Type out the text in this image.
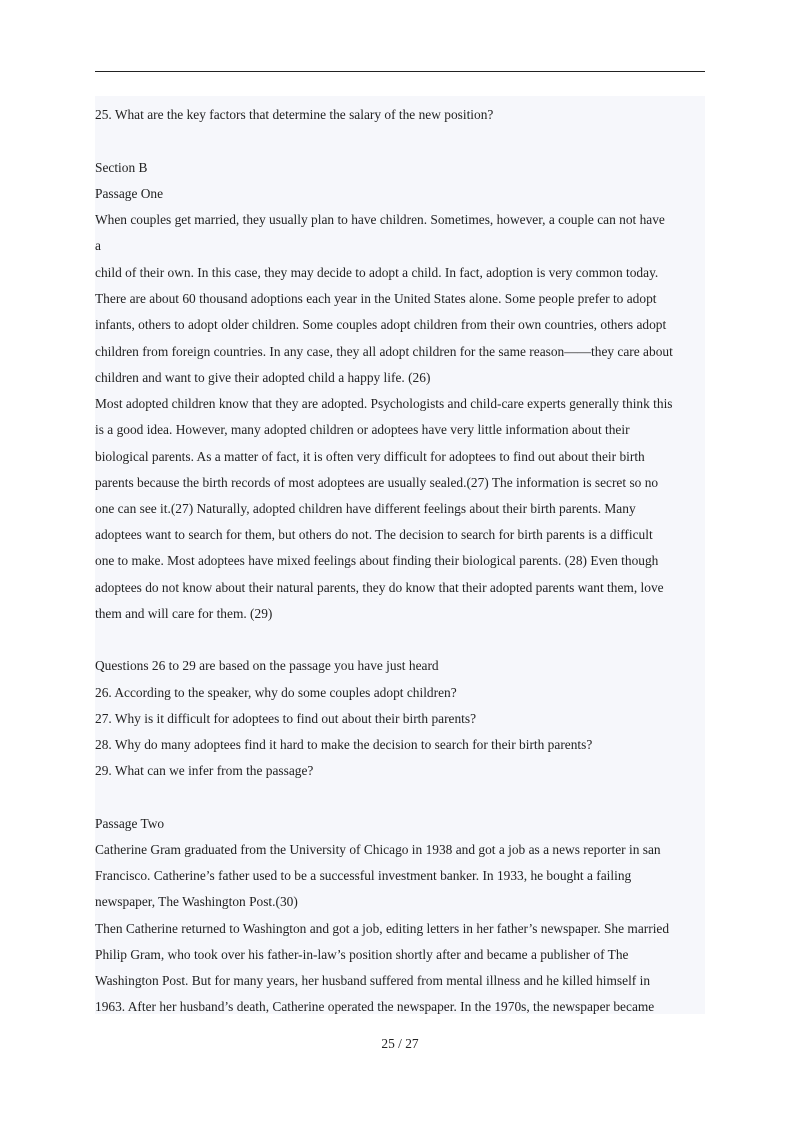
25. What are the key factors that determine the salary of the new position?
Section B
Passage One
When couples get married, they usually plan to have children. Sometimes, however, a couple can not have
a
child of their own. In this case, they may decide to adopt a child. In fact, adoption is very common today.
There are about 60 thousand adoptions each year in the United States alone. Some people prefer to adopt
infants, others to adopt older children. Some couples adopt children from their own countries, others adopt
children from foreign countries. In any case, they all adopt children for the same reason——they care about
children and want to give their adopted child a happy life. (26)
Most adopted children know that they are adopted. Psychologists and child-care experts generally think this
is a good idea. However, many adopted children or adoptees have very little information about their
biological parents. As a matter of fact, it is often very difficult for adoptees to find out about their birth
parents because the birth records of most adoptees are usually sealed.(27) The information is secret so no
one can see it.(27) Naturally, adopted children have different feelings about their birth parents. Many
adoptees want to search for them, but others do not. The decision to search for birth parents is a difficult
one to make. Most adoptees have mixed feelings about finding their biological parents. (28) Even though
adoptees do not know about their natural parents, they do know that their adopted parents want them, love
them and will care for them. (29)
Questions 26 to 29 are based on the passage you have just heard
26. According to the speaker, why do some couples adopt children?
27. Why is it difficult for adoptees to find out about their birth parents?
28. Why do many adoptees find it hard to make the decision to search for their birth parents?
29. What can we infer from the passage?
Passage Two
Catherine Gram graduated from the University of Chicago in 1938 and got a job as a news reporter in san
Francisco. Catherine’s father used to be a successful investment banker. In 1933, he bought a failing
newspaper, The Washington Post.(30)
Then Catherine returned to Washington and got a job, editing letters in her father’s newspaper. She married
Philip Gram, who took over his father-in-law’s position shortly after and became a publisher of The
Washington Post. But for many years, her husband suffered from mental illness and he killed himself in
1963. After her husband’s death, Catherine operated the newspaper. In the 1970s, the newspaper became
25 / 27
